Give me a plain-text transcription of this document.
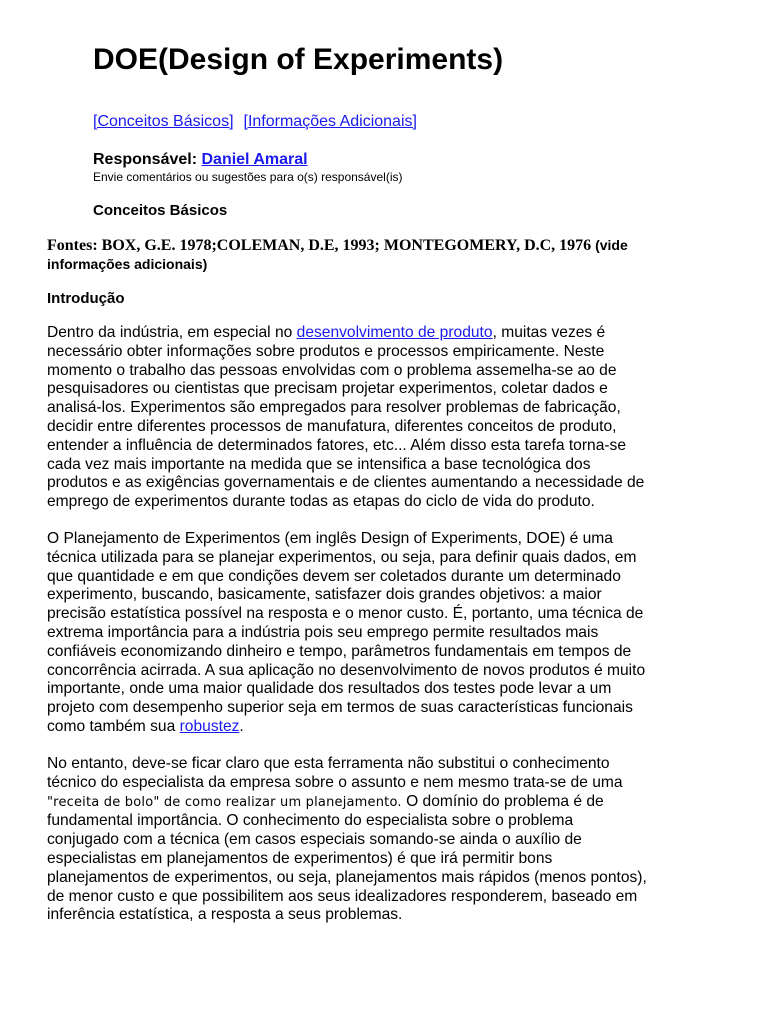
DOE(Design of Experiments)
[Conceitos Básicos] [Informações Adicionais]
Responsável: Daniel Amaral
Envie comentários ou sugestões para o(s) responsável(is)
Conceitos Básicos
Fontes: BOX, G.E. 1978;COLEMAN, D.E, 1993; MONTEGOMERY, D.C, 1976 (vide
informações adicionais)
Introdução

Dentro da indústria, em especial no desenvolvimento de produto, muitas vezes é
necessário obter informações sobre produtos e processos empiricamente. Neste
momento o trabalho das pessoas envolvidas com o problema assemelha-se ao de
pesquisadores ou cientistas que precisam projetar experimentos, coletar dados e
analisá-los. Experimentos são empregados para resolver problemas de fabricação,
decidir entre diferentes processos de manufatura, diferentes conceitos de produto,
entender a influência de determinados fatores, etc... Além disso esta tarefa torna-se
cada vez mais importante na medida que se intensifica a base tecnológica dos
produtos e as exigências governamentais e de clientes aumentando a necessidade de
emprego de experimentos durante todas as etapas do ciclo de vida do produto.

O Planejamento de Experimentos (em inglês Design of Experiments, DOE) é uma
técnica utilizada para se planejar experimentos, ou seja, para definir quais dados, em
que quantidade e em que condições devem ser coletados durante um determinado
experimento, buscando, basicamente, satisfazer dois grandes objetivos: a maior
precisão estatística possível na resposta e o menor custo. É, portanto, uma técnica de
extrema importância para a indústria pois seu emprego permite resultados mais
confiáveis economizando dinheiro e tempo, parâmetros fundamentais em tempos de
concorrência acirrada. A sua aplicação no desenvolvimento de novos produtos é muito
importante, onde uma maior qualidade dos resultados dos testes pode levar a um
projeto com desempenho superior seja em termos de suas características funcionais
como também sua robustez.

No entanto, deve-se ficar claro que esta ferramenta não substitui o conhecimento
técnico do especialista da empresa sobre o assunto e nem mesmo trata-se de uma
"receita de bolo" de como realizar um planejamento. O domínio do problema é de
fundamental importância. O conhecimento do especialista sobre o problema
conjugado com a técnica (em casos especiais somando-se ainda o auxílio de
especialistas em planejamentos de experimentos) é que irá permitir bons
planejamentos de experimentos, ou seja, planejamentos mais rápidos (menos pontos),
de menor custo e que possibilitem aos seus idealizadores responderem, baseado em
inferência estatística, a resposta a seus problemas.
